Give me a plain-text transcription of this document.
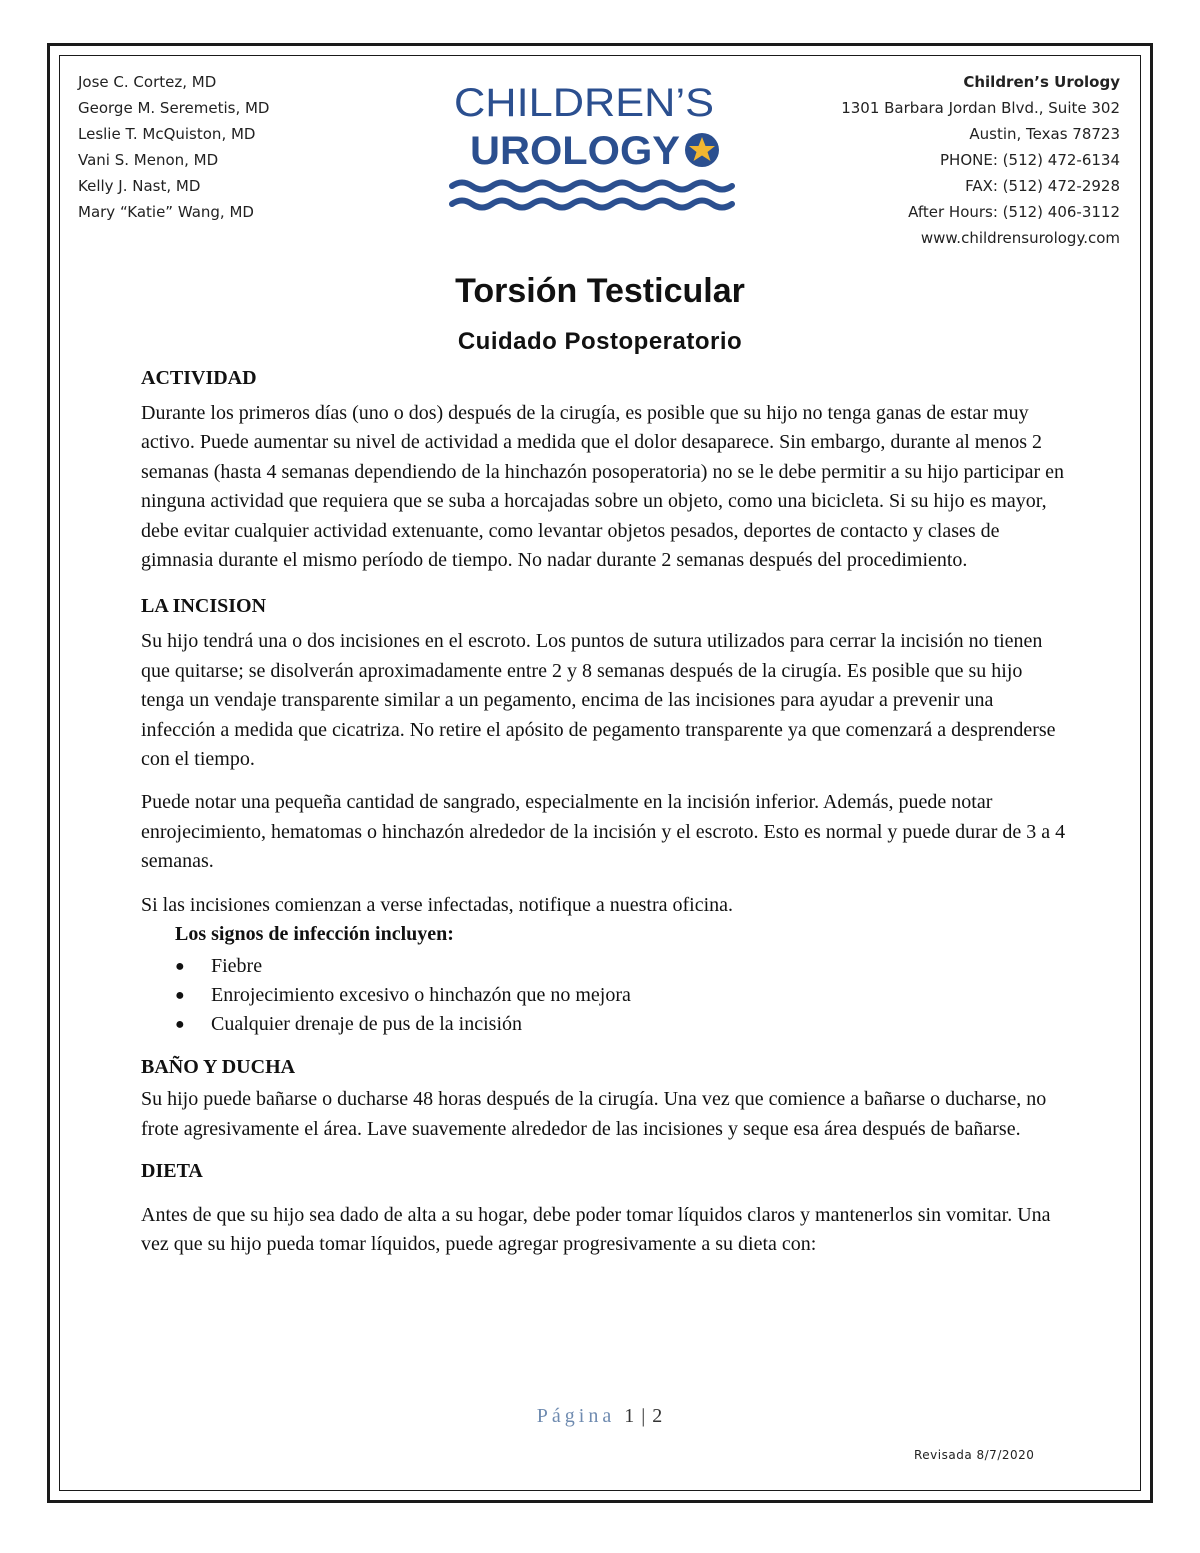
Jose C. Cortez, MD
George M. Seremetis, MD
Leslie T. McQuiston, MD
Vani S. Menon, MD
Kelly J. Nast, MD
Mary “Katie” Wang, MD
CHILDREN’S
UROLOGY
Children’s Urology
1301 Barbara Jordan Blvd., Suite 302
Austin, Texas 78723
PHONE: (512) 472-6134
FAX: (512) 472-2928
After Hours: (512) 406-3112
www.childrensurology.com
Torsión Testicular
Cuidado Postoperatorio

ACTIVIDAD

Durante los primeros días (uno o dos) después de la cirugía, es posible que su hijo no tenga ganas de estar muy activo. Puede aumentar su nivel de actividad a medida que el dolor desaparece. Sin embargo, durante al menos 2 semanas (hasta 4 semanas dependiendo de la hinchazón posoperatoria) no se le debe permitir a su hijo participar en ninguna actividad que requiera que se suba a horcajadas sobre un objeto, como una bicicleta. Si su hijo es mayor, debe evitar cualquier actividad extenuante, como levantar objetos pesados, deportes de contacto y clases de gimnasia durante el mismo período de tiempo. No nadar durante 2 semanas después del procedimiento.

LA INCISION

Su hijo tendrá una o dos incisiones en el escroto. Los puntos de sutura utilizados para cerrar la incisión no tienen que quitarse; se disolverán aproximadamente entre 2 y 8 semanas después de la cirugía. Es posible que su hijo tenga un vendaje transparente similar a un pegamento, encima de las incisiones para ayudar a prevenir una infección a medida que cicatriza. No retire el apósito de pegamento transparente ya que comenzará a desprenderse con el tiempo.

Puede notar una pequeña cantidad de sangrado, especialmente en la incisión inferior. Además, puede notar enrojecimiento, hematomas o hinchazón alrededor de la incisión y el escroto. Esto es normal y puede durar de 3 a 4 semanas.

Si las incisiones comienzan a verse infectadas, notifique a nuestra oficina.

Los signos de infección incluyen:

● Fiebre
● Enrojecimiento excesivo o hinchazón que no mejora
● Cualquier drenaje de pus de la incisión

BAÑO Y DUCHA

Su hijo puede bañarse o ducharse 48 horas después de la cirugía. Una vez que comience a bañarse o ducharse, no frote agresivamente el área. Lave suavemente alrededor de las incisiones y seque esa área después de bañarse.

DIETA

Antes de que su hijo sea dado de alta a su hogar, debe poder tomar líquidos claros y mantenerlos sin vomitar. Una vez que su hijo pueda tomar líquidos, puede agregar progresivamente a su dieta con:

Página 1 | 2
Revisada 8/7/2020
